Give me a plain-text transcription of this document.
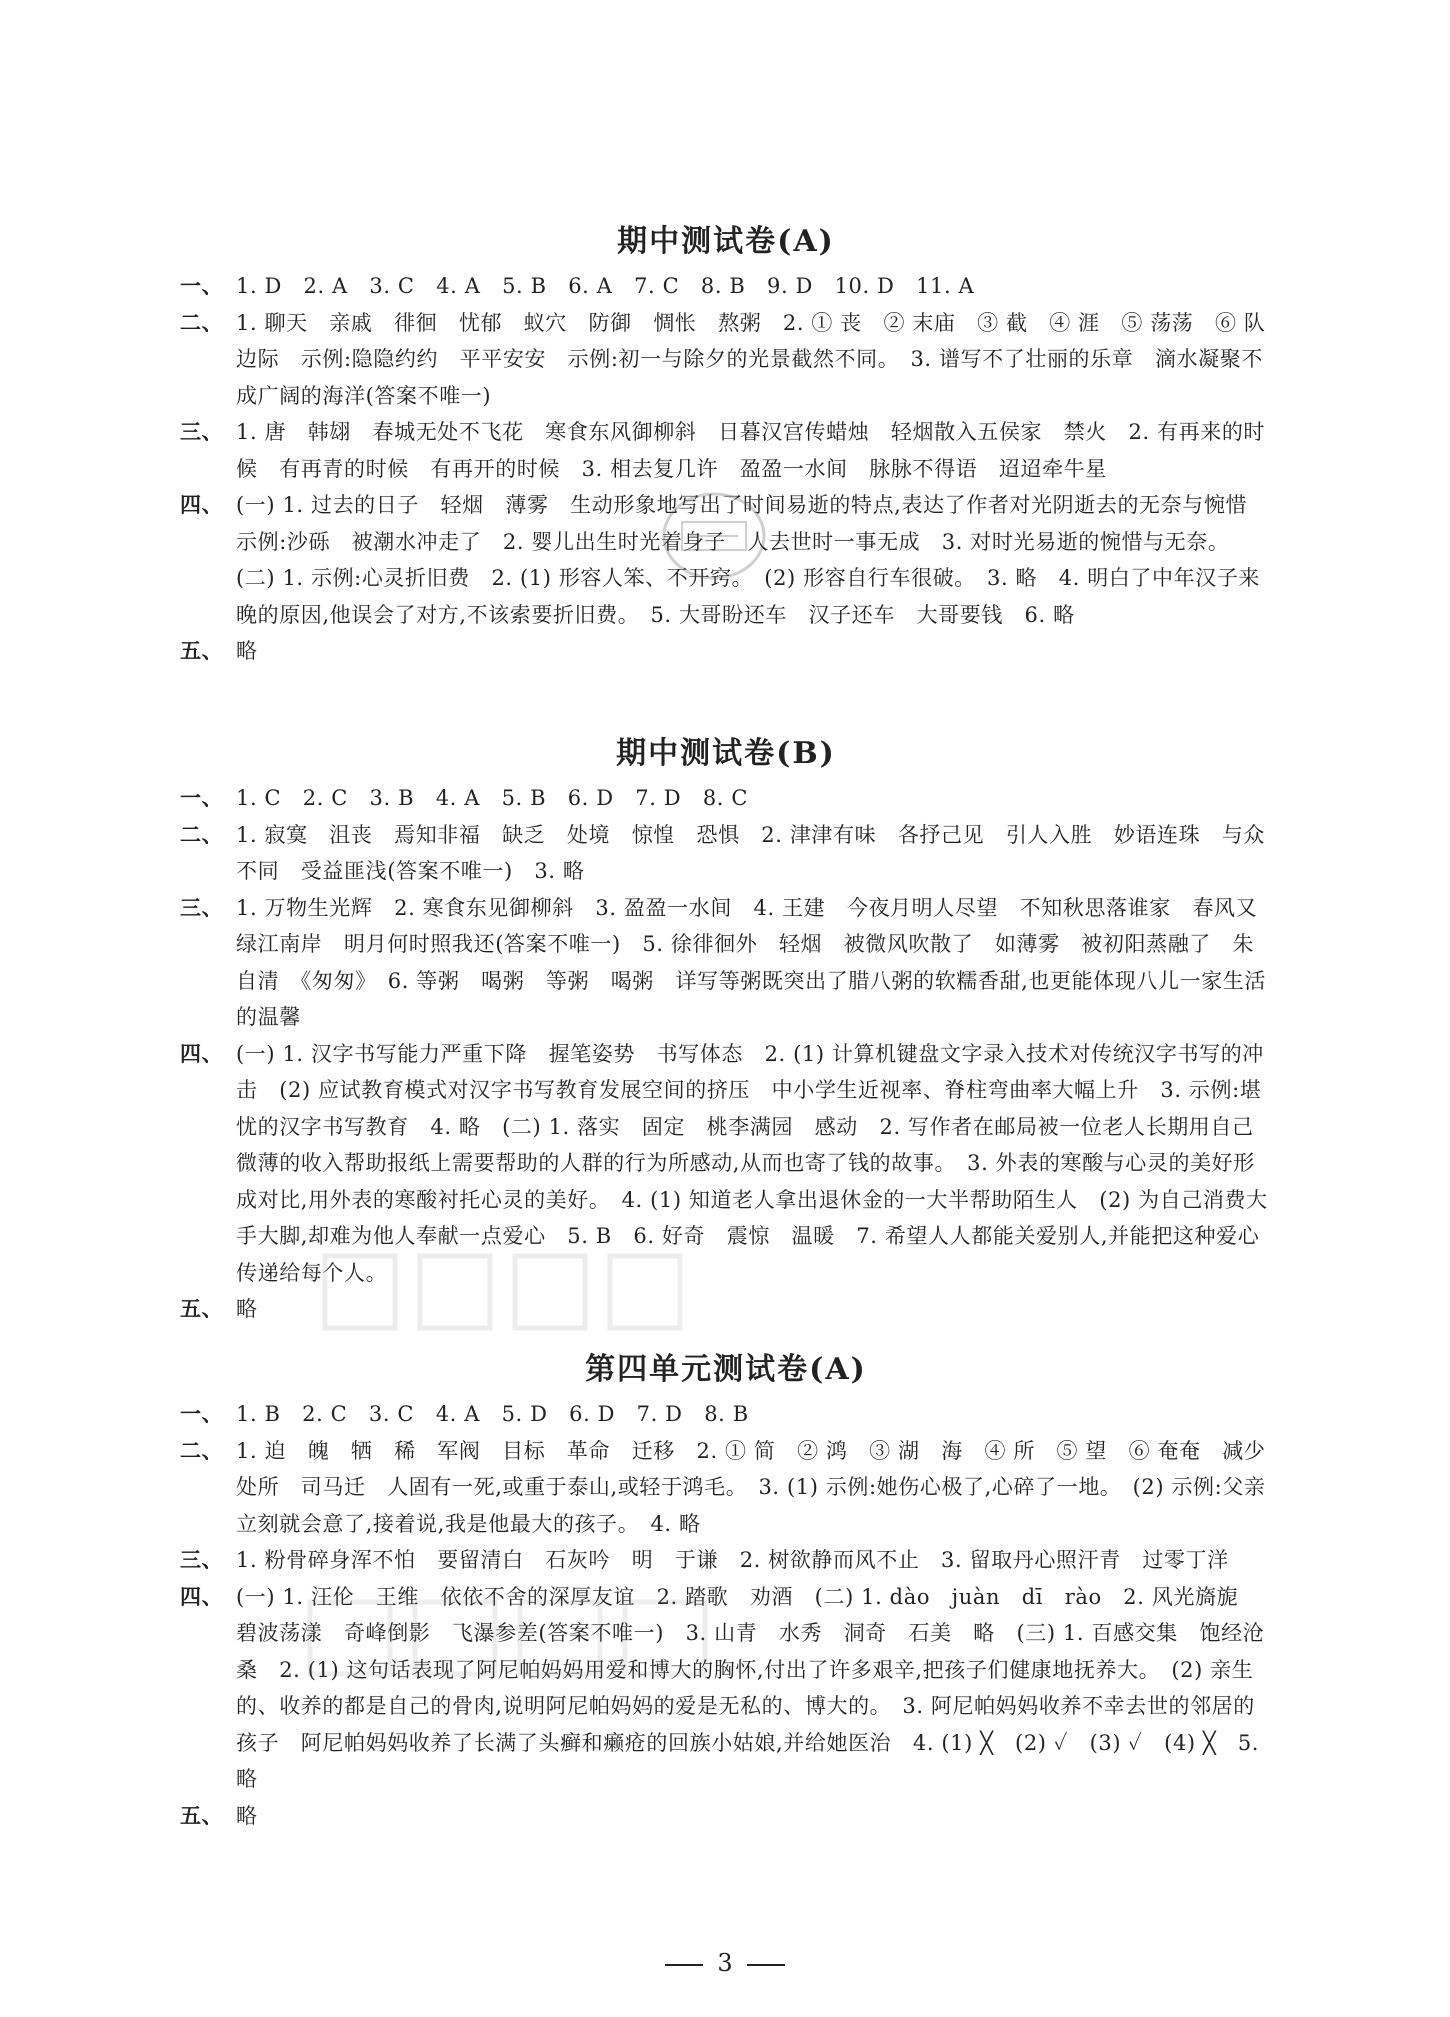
期中测试卷(A)
一、 1. D　2. A　3. C　4. A　5. B　6. A　7. C　8. B　9. D　10. D　11. A
二、 1. 聊天　亲戚　徘徊　忧郁　蚁穴　防御　惆怅　熬粥　2. ① 丧　② 末庙　③ 截　④ 涯　⑤ 荡荡　⑥ 队　边际　示例:隐隐约约　平平安安　示例:初一与除夕的光景截然不同。　3. 谱写不了壮丽的乐章　滴水凝聚不成广阔的海洋(答案不唯一)
三、 1. 唐　韩翃　春城无处不飞花　寒食东风御柳斜　日暮汉宫传蜡烛　轻烟散入五侯家　禁火　2. 有再来的时候　有再青的时候　有再开的时候　3. 相去复几许　盈盈一水间　脉脉不得语　迢迢牵牛星
四、 (一) 1. 过去的日子　轻烟　薄雾　生动形象地写出了时间易逝的特点,表达了作者对光阴逝去的无奈与惋惜　示例:沙砾　被潮水冲走了　2. 婴儿出生时光着身子　人去世时一事无成　3. 对时光易逝的惋惜与无奈。　(二) 1. 示例:心灵折旧费　2. (1) 形容人笨、不开窍。　(2) 形容自行车很破。　3. 略　4. 明白了中年汉子来晚的原因,他误会了对方,不该索要折旧费。　5. 大哥盼还车　汉子还车　大哥要钱　6. 略
五、 略
期中测试卷(B)
一、 1. C　2. C　3. B　4. A　5. B　6. D　7. D　8. C
二、 1. 寂寞　沮丧　焉知非福　缺乏　处境　惊惶　恐惧　2. 津津有味　各抒己见　引人入胜　妙语连珠　与众不同　受益匪浅(答案不唯一)　3. 略
三、 1. 万物生光辉　2. 寒食东见御柳斜　3. 盈盈一水间　4. 王建　今夜月明人尽望　不知秋思落谁家　春风又绿江南岸　明月何时照我还(答案不唯一)　5. 徐徘徊外　轻烟　被微风吹散了　如薄雾　被初阳蒸融了　朱自清　《匆匆》　6. 等粥　喝粥　等粥　喝粥　详写等粥既突出了腊八粥的软糯香甜,也更能体现八儿一家生活的温馨
四、 (一) 1. 汉字书写能力严重下降　握笔姿势　书写体态　2. (1) 计算机键盘文字录入技术对传统汉字书写的冲击　(2) 应试教育模式对汉字书写教育发展空间的挤压　中小学生近视率、脊柱弯曲率大幅上升　3. 示例:堪忧的汉字书写教育　4. 略　(二) 1. 落实　固定　桃李满园　感动　2. 写作者在邮局被一位老人长期用自己微薄的收入帮助报纸上需要帮助的人群的行为所感动,从而也寄了钱的故事。　3. 外表的寒酸与心灵的美好形成对比,用外表的寒酸衬托心灵的美好。　4. (1) 知道老人拿出退休金的一大半帮助陌生人　(2) 为自己消费大手大脚,却难为他人奉献一点爱心　5. B　6. 好奇　震惊　温暖　7. 希望人人都能关爱别人,并能把这种爱心传递给每个人。
五、 略
第四单元测试卷(A)
一、 1. B　2. C　3. C　4. A　5. D　6. D　7. D　8. B
二、 1. 迫　魄　牺　稀　军阀　目标　革命　迁移　2. ① 简　② 鸿　③ 湖　海　④ 所　⑤ 望　⑥ 奄奄　减少　处所　司马迁　人固有一死,或重于泰山,或轻于鸿毛。　3. (1) 示例:她伤心极了,心碎了一地。　(2) 示例:父亲立刻就会意了,接着说,我是他最大的孩子。　4. 略
三、 1. 粉骨碎身浑不怕　要留清白　石灰吟　明　于谦　2. 树欲静而风不止　3. 留取丹心照汗青　过零丁洋
四、 (一) 1. 汪伦　王维　依依不舍的深厚友谊　2. 踏歌　劝酒　(二) 1. dào　juàn　dī　rào　2. 风光旖旎　碧波荡漾　奇峰倒影　飞瀑参差(答案不唯一)　3. 山青　水秀　洞奇　石美　略　(三) 1. 百感交集　饱经沧桑　2. (1) 这句话表现了阿尼帕妈妈用爱和博大的胸怀,付出了许多艰辛,把孩子们健康地抚养大。　(2) 亲生的、收养的都是自己的骨肉,说明阿尼帕妈妈的爱是无私的、博大的。　3. 阿尼帕妈妈收养不幸去世的邻居的孩子　阿尼帕妈妈收养了长满了头癣和癞疮的回族小姑娘,并给她医治　4. (1) ╳　(2) ✓　(3) ✓　(4) ╳　5. 略
五、 略
3
